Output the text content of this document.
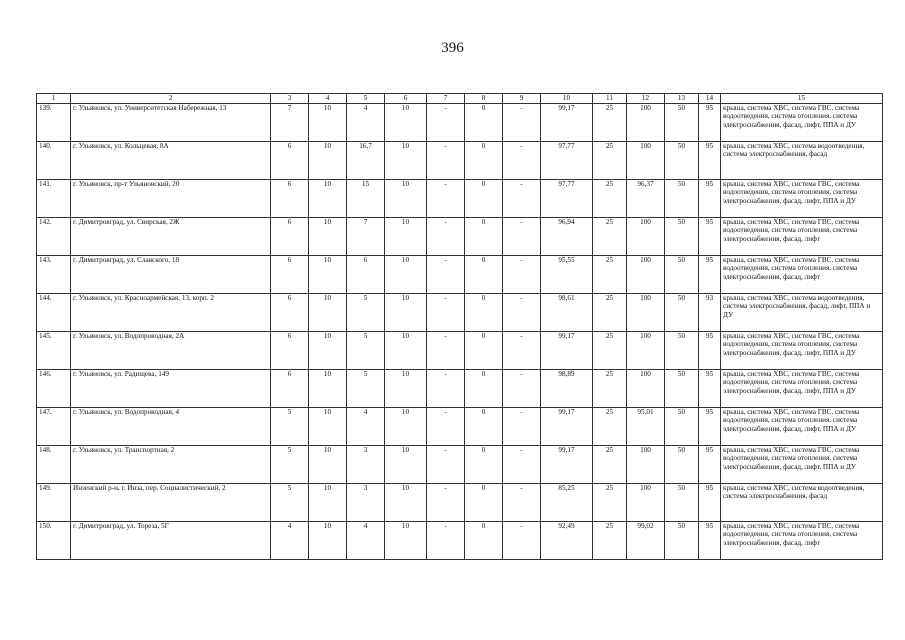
396
1	2	3	4	5	6	7	8	9	10	11	12	13	14	15
139.	г. Ульяновск, ул. Университетская Набережная, 13	7	10	4	10	-	0	-	99,17	25	100	50	95	крыша, система ХВС, система ГВС, система водоотведения, система отопления, система электроснабжения, фасад, лифт, ППА и ДУ
140.	г. Ульяновск, ул. Кольцевая, 8А	6	10	16,7	10	-	0	-	97,77	25	100	50	95	крыша, система ХВС, система водоотведения, система электроснабжения, фасад
141.	г. Ульяновск, пр-т Ульяновский, 20	6	10	15	10	-	0	-	97,77	25	96,37	50	95	крыша, система ХВС, система ГВС, система водоотведения, система отопления, система электроснабжения, фасад, лифт, ППА и ДУ
142.	г. Димитровград, ул. Свирская, 2Ж	6	10	7	10	-	0	-	96,94	25	100	50	95	крыша, система ХВС, система ГВС, система водоотведения, система отопления, система электроснабжения, фасад, лифт
143.	г. Димитровград, ул. Славского, 18	6	10	6	10	-	0	-	95,55	25	100	50	95	крыша, система ХВС, система ГВС, система водоотведения, система отопления, система электроснабжения, фасад, лифт
144.	г. Ульяновск, ул. Красноармейская, 13, корп. 2	6	10	5	10	-	0	-	98,61	25	100	50	93	крыша, система ХВС, система водоотведения, система электроснабжения, фасад, лифт, ППА и ДУ
145.	г. Ульяновск, ул. Водопроводная, 2А	6	10	5	10	-	0	-	99,17	25	100	50	95	крыша, система ХВС, система ГВС, система водоотведения, система отопления, система электроснабжения, фасад, лифт, ППА и ДУ
146.	г. Ульяновск, ул. Радищева, 149	6	10	5	10	-	0	-	98,89	25	100	50	95	крыша, система ХВС, система ГВС, система водоотведения, система отопления, система электроснабжения, фасад, лифт, ППА и ДУ
147.	г. Ульяновск, ул. Водопроводная, 4	5	10	4	10	-	0	-	99,17	25	95,01	50	95	крыша, система ХВС, система ГВС, система водоотведения, система отопления, система электроснабжения, фасад, лифт, ППА и ДУ
148.	г. Ульяновск, ул. Транспортная, 2	5	10	3	10	-	0	-	99,17	25	100	50	95	крыша, система ХВС, система ГВС, система водоотведения, система отопления, система электроснабжения, фасад, лифт, ППА и ДУ
149.	Инзенский р-н, г. Инза, пер. Социалистический, 2	5	10	3	10	-	0	-	85,25	25	100	50	95	крыша, система ХВС, система водоотведения, система электроснабжения, фасад
150.	г. Димитровград, ул. Тореза, 5Г	4	10	4	10	-	0	-	92,49	25	99,02	50	95	крыша, система ХВС, система ГВС, система водоотведения, система отопления, система электроснабжения, фасад, лифт
